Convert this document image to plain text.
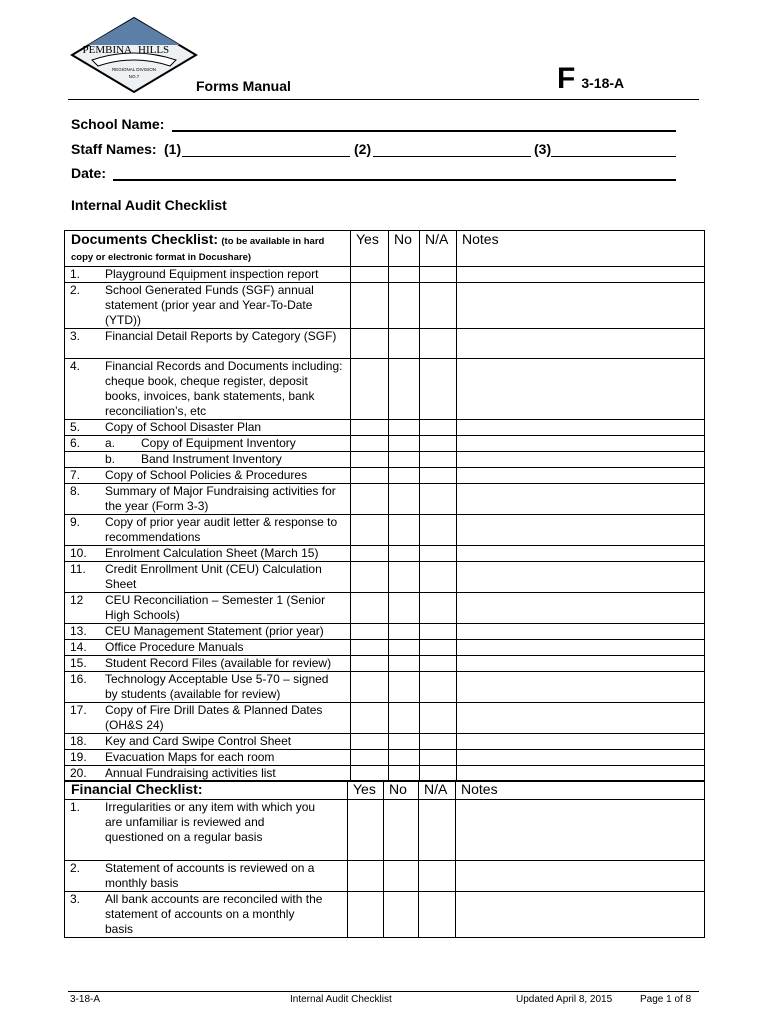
PEMBINA HILLS
REGIONAL DIVISION
NO.7
Forms Manual	F 3-18-A
School Name:
Staff Names: (1)	(2)	(3)
Date:
Internal Audit Checklist
Documents Checklist: (to be available in hard copy or electronic format in Docushare)	Yes	No	N/A	Notes
1. Playground Equipment inspection report				
2. School Generated Funds (SGF) annual statement (prior year and Year-To-Date (YTD))				
3. Financial Detail Reports by Category (SGF)				
4. Financial Records and Documents including: cheque book, cheque register, deposit books, invoices, bank statements, bank reconciliation’s, etc				
5. Copy of School Disaster Plan				
6. a. Copy of Equipment Inventory				
b. Band Instrument Inventory				
7. Copy of School Policies & Procedures				
8. Summary of Major Fundraising activities for the year (Form 3-3)				
9. Copy of prior year audit letter & response to recommendations				
10. Enrolment Calculation Sheet (March 15)				
11. Credit Enrollment Unit (CEU) Calculation Sheet				
12 CEU Reconciliation – Semester 1 (Senior High Schools)				
13. CEU Management Statement (prior year)				
14. Office Procedure Manuals				
15. Student Record Files (available for review)				
16. Technology Acceptable Use 5-70 – signed by students (available for review)				
17. Copy of Fire Drill Dates & Planned Dates (OH&S 24)				
18. Key and Card Swipe Control Sheet				
19. Evacuation Maps for each room				
20. Annual Fundraising activities list				
Financial Checklist:	Yes	No	N/A	Notes
1. Irregularities or any item with which you
are unfamiliar is reviewed and
questioned on a regular basis				
2. Statement of accounts is reviewed on a
monthly basis				
3. All bank accounts are reconciled with the
statement of accounts on a monthly
basis				
3-18-A	Internal Audit Checklist	Updated April 8, 2015	Page 1 of 8
